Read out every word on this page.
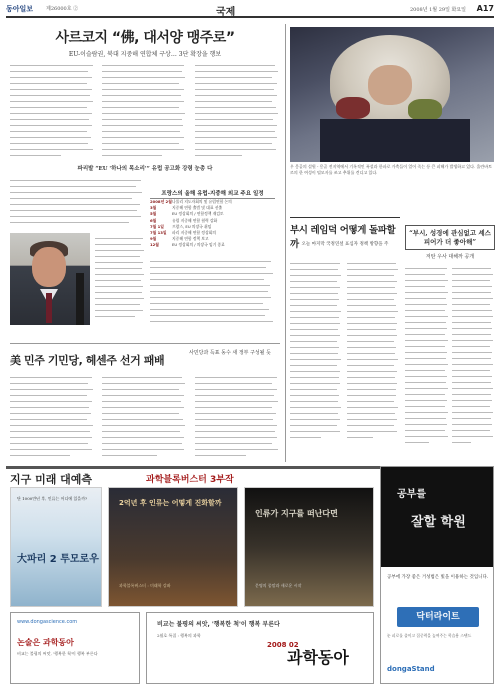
동아일보	제26000호 ②	국제	2008년 1월 29일 화요일 A17
사르코지 “佛, 대서양 맹주로”
EU-이슬람권, 북대 지중해 연합체 구상… 3단 확장을 행보
파리발 “EU '하나의 목소리'” 유럽 공고화 강령 눈총 다
프랑스의 올해 유럽-지중해 외교 주요 일정
2008년 2월 나폴리 지도자회의 및 유럽연합 논의
3월	지중해 연합 출범 및 대표 선출
5월	EU 정상회의 / 연합정책 재검토
6월	유럽 지중해 연합 협력 강화
7월 1일	프랑스, EU 의장국 취임
7월 13일	파리 지중해 연합 정상회의
9월	지중해 연합 정책 보고
12월	EU 정상회의 / 의장국 임기 종료
美 민주 기민당, 헤센주 선거 패배
사민당과 득표 동수 새 정부 구성될 듯
우 몽골의 설원 - 몽골 전지역에서 기록적인 폭설과 한파로 가축들이 얼어 죽는 등 큰 피해가 발생하고 있다. 울란바토르의 한 여성이 털모자를 쓰고 추위를 견디고 있다.
부시 레임덕 어떻게 돌파할까 오늘 마지막 국정연설 표심자 정책 방향을 주
“부시, 성경에 관심없고 셰스피어가 더 좋아해”
저탄 우사 대해까 공개
지구 미래 대예측	과학블록버스터 3부작
단 1000만년 후, 인류는 어디에 있을까?
大파리 2 투모로우
2억년 후 인류는 어떻게 진화할까
과학블록버스터 : 미래학 강좌
인류가 지구를 떠난다면
문명의 종말과 새로운 시작
공부를
잘할 학원
공부에 가장 좋은 거성법은 빛을 이용하는 것입니다.
닥터라이트
눈 피로를 줄이고 집중력을 높여주는 학습용 스탠드
dongaStand
www.dongascience.com
논술은 과학동아
비교는 불평의 씨앗, '행복한 척'이 행복 부른다
비교는 불평의 씨앗, '행복한 척'이 행복 부른다
2월호 특집 : 행복의 과학
2008 02
과학동아
